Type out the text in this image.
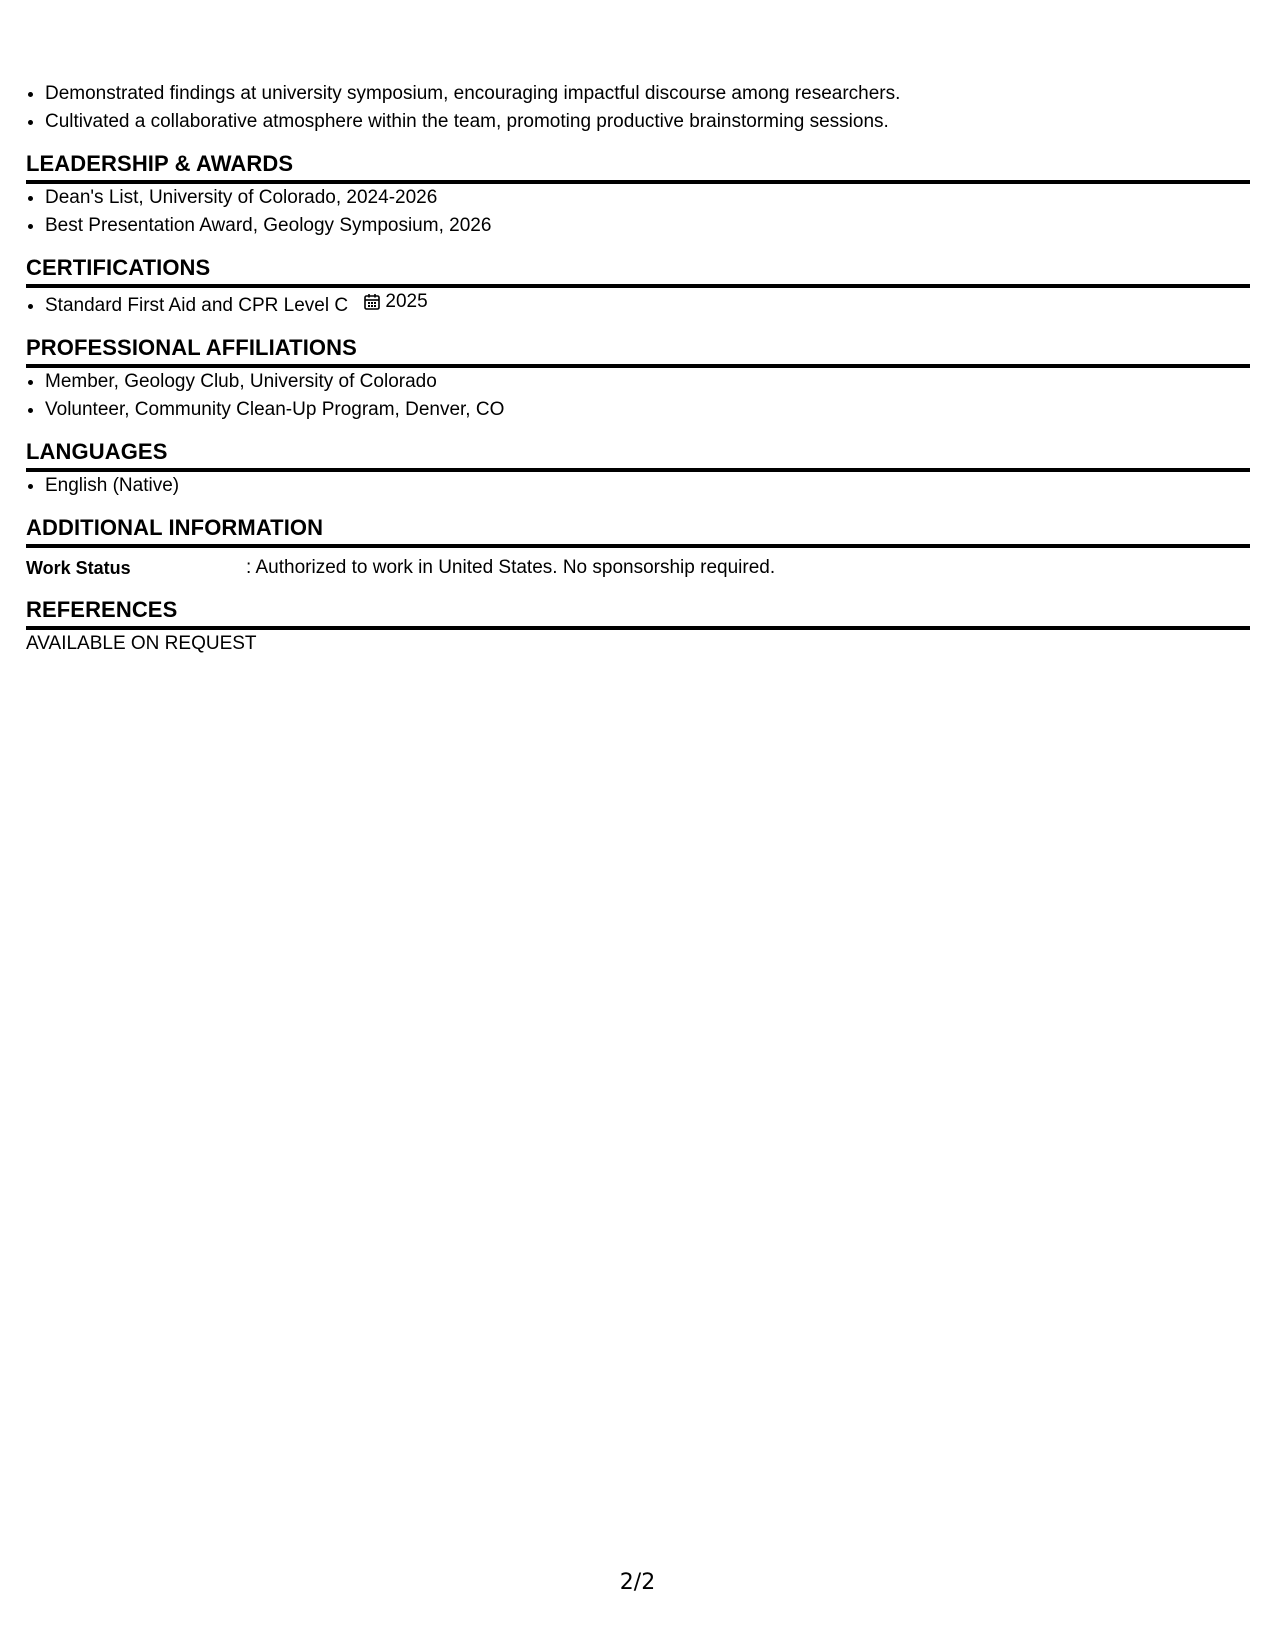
• Demonstrated findings at university symposium, encouraging impactful discourse among researchers.
• Cultivated a collaborative atmosphere within the team, promoting productive brainstorming sessions.
LEADERSHIP & AWARDS
• Dean's List, University of Colorado, 2024-2026
• Best Presentation Award, Geology Symposium, 2026
CERTIFICATIONS
• Standard First Aid and CPR Level C 2025
PROFESSIONAL AFFILIATIONS
• Member, Geology Club, University of Colorado
• Volunteer, Community Clean-Up Program, Denver, CO
LANGUAGES
• English (Native)
ADDITIONAL INFORMATION
Work Status	: Authorized to work in United States. No sponsorship required.
REFERENCES

AVAILABLE ON REQUEST

2/2
